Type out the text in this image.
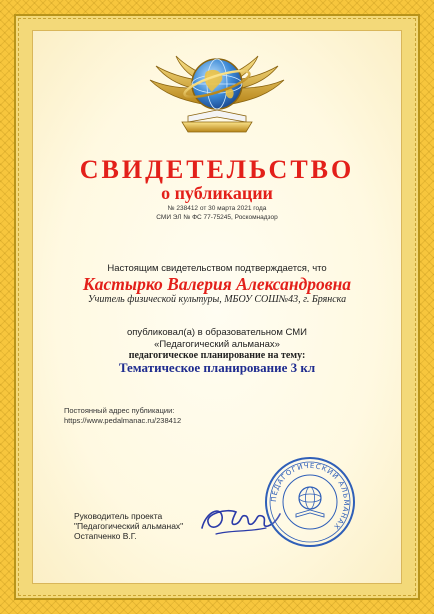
СВИДЕТЕЛЬСТВО
о публикации
№ 238412 от 30 марта 2021 года
СМИ ЭЛ № ФС 77-75245, Роскомнадзор
Настоящим свидетельством подтверждается, что
Кастырко Валерия Александровна
Учитель физической культуры, МБОУ СОШ№43, г. Брянска
опубликовал(а) в образовательном СМИ
«Педагогический альманах»
педагогическое планирование на тему:
Тематическое планирование 3 кл
Постоянный адрес публикации:
https://www.pedalmanac.ru/238412
Руководитель проекта
"Педагогический альманах"
Остапченко В.Г.
ПЕДАГОГИЧЕСКИЙ АЛЬМАНАХ
